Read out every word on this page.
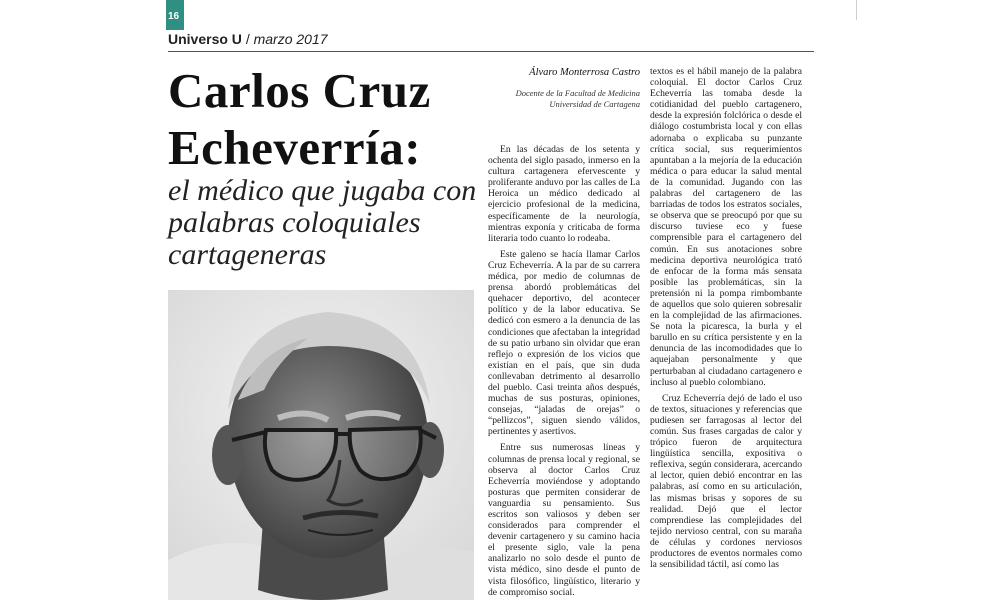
16
Universo U / marzo 2017
Carlos Cruz
Echeverría:
el médico que jugaba con palabras coloquiales cartageneras
Álvaro Monterrosa Castro
Docente de la Facultad de Medicina
Universidad de Cartagena

En las décadas de los setenta y ochenta del siglo pasado, inmerso en la cultura cartagenera efervescente y proliferante anduvo por las calles de La Heroica un médico dedicado al ejercicio profesional de la medicina, específicamente de la neurología, mientras exponía y criticaba de forma literaria todo cuanto lo rodeaba.

Este galeno se hacía llamar Carlos Cruz Echeverría. A la par de su carrera médica, por medio de columnas de prensa abordó problemáticas del quehacer deportivo, del acontecer político y de la labor educativa. Se dedicó con esmero a la denuncia de las condiciones que afectaban la integridad de su patio urbano sin olvidar que eran reflejo o expresión de los vicios que existían en el país, que sin duda conllevaban detrimento al desarrollo del pueblo. Casi treinta años después, muchas de sus posturas, opiniones, consejas, “jaladas de orejas” o “pellizcos”, siguen siendo válidos, pertinentes y asertivos.

Entre sus numerosas líneas y columnas de prensa local y regional, se observa al doctor Carlos Cruz Echeverría moviéndose y adoptando posturas que permiten considerar de vanguardia su pensamiento. Sus escritos son valiosos y deben ser considerados para comprender el devenir cartagenero y su camino hacia el presente siglo, vale la pena analizarlo no solo desde el punto de vista médico, sino desde el punto de vista filosófico, lingüístico, literario y de compromiso social.

textos es el hábil manejo de la palabra coloquial. El doctor Carlos Cruz Echeverría las tomaba desde la cotidianidad del pueblo cartagenero, desde la expresión folclórica o desde el diálogo costumbrista local y con ellas adornaba o explicaba su punzante crítica social, sus requerimientos apuntaban a la mejoría de la educación médica o para educar la salud mental de la comunidad. Jugando con las palabras del cartagenero de las barriadas de todos los estratos sociales, se observa que se preocupó por que su discurso tuviese eco y fuese comprensible para el cartagenero del común. En sus anotaciones sobre medicina deportiva neurológica trató de enfocar de la forma más sensata posible las problemáticas, sin la pretensión ni la pompa rimbombante de aquellos que solo quieren sobresalir en la complejidad de las afirmaciones. Se nota la picaresca, la burla y el barullo en su crítica persistente y en la denuncia de las incomodidades que lo aquejaban personalmente y que perturbaban al ciudadano cartagenero e incluso al pueblo colombiano.

Cruz Echeverría dejó de lado el uso de textos, situaciones y referencias que pudiesen ser farragosas al lector del común. Sus frases cargadas de calor y trópico fueron de arquitectura lingüística sencilla, expositiva o reflexiva, según considerara, acercando al lector, quien debió encontrar en las palabras, así como en su articulación, las mismas brisas y sopores de su realidad. Dejó que el lector comprendiese las complejidades del tejido nervioso central, con su maraña de células y cordones nerviosos productores de eventos normales como la sensibilidad táctil, así como las
